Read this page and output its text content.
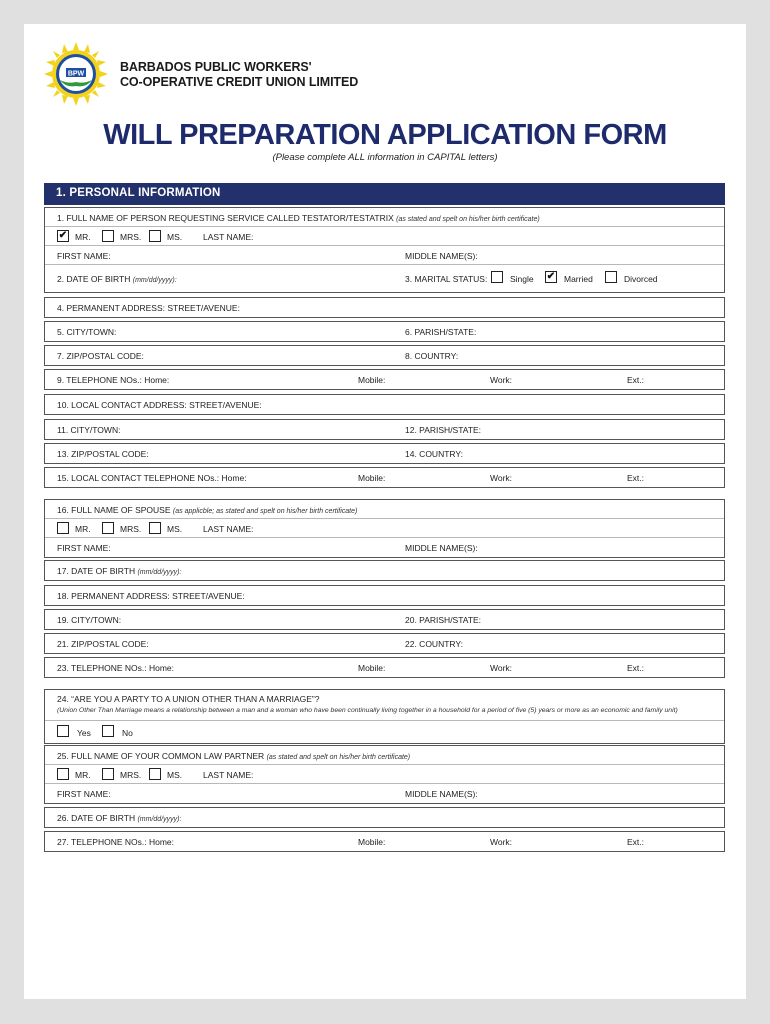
BPW	BARBADOS PUBLIC WORKERS'
CO-OPERATIVE CREDIT UNION LIMITED
WILL PREPARATION APPLICATION FORM
(Please complete ALL information in CAPITAL letters)
1. PERSONAL INFORMATION
1. FULL NAME OF PERSON REQUESTING SERVICE CALLED TESTATOR/TESTATRIX (as stated and spelt on his/her birth certificate)
✔ MR.	MRS.	MS. LAST NAME:
FIRST NAME:	MIDDLE NAME(S):
2. DATE OF BIRTH (mm/dd/yyyy):	3. MARITAL STATUS:	Single ✔ Married	Divorced
4. PERMANENT ADDRESS: STREET/AVENUE:
5. CITY/TOWN:	6. PARISH/STATE:
7. ZIP/POSTAL CODE:	8. COUNTRY:
9. TELEPHONE NOs.: Home:	Mobile:	Work:	Ext.:
10. LOCAL CONTACT ADDRESS: STREET/AVENUE:
11. CITY/TOWN:	12. PARISH/STATE:
13. ZIP/POSTAL CODE:	14. COUNTRY:
15. LOCAL CONTACT TELEPHONE NOs.: Home:	Mobile:	Work:	Ext.:
16. FULL NAME OF SPOUSE (as applicble; as stated and spelt on his/her birth certificate)
MR.	MRS.	MS. LAST NAME:
FIRST NAME:	MIDDLE NAME(S):
17. DATE OF BIRTH (mm/dd/yyyy):
18. PERMANENT ADDRESS: STREET/AVENUE:
19. CITY/TOWN:	20. PARISH/STATE:
21. ZIP/POSTAL CODE:	22. COUNTRY:
23. TELEPHONE NOs.: Home:	Mobile:	Work:	Ext.:
24. “ARE YOU A PARTY TO A UNION OTHER THAN A MARRIAGE”?
(Union Other Than Marriage means a relationship between a man and a woman who have been continually living together in a household for a period of five (5) years or more as an economic and family unit)
Yes	No
25. FULL NAME OF YOUR COMMON LAW PARTNER (as stated and spelt on his/her birth certificate)
MR.	MRS.	MS. LAST NAME:
FIRST NAME:	MIDDLE NAME(S):
26. DATE OF BIRTH (mm/dd/yyyy):
27. TELEPHONE NOs.: Home:	Mobile:	Work:	Ext.:
